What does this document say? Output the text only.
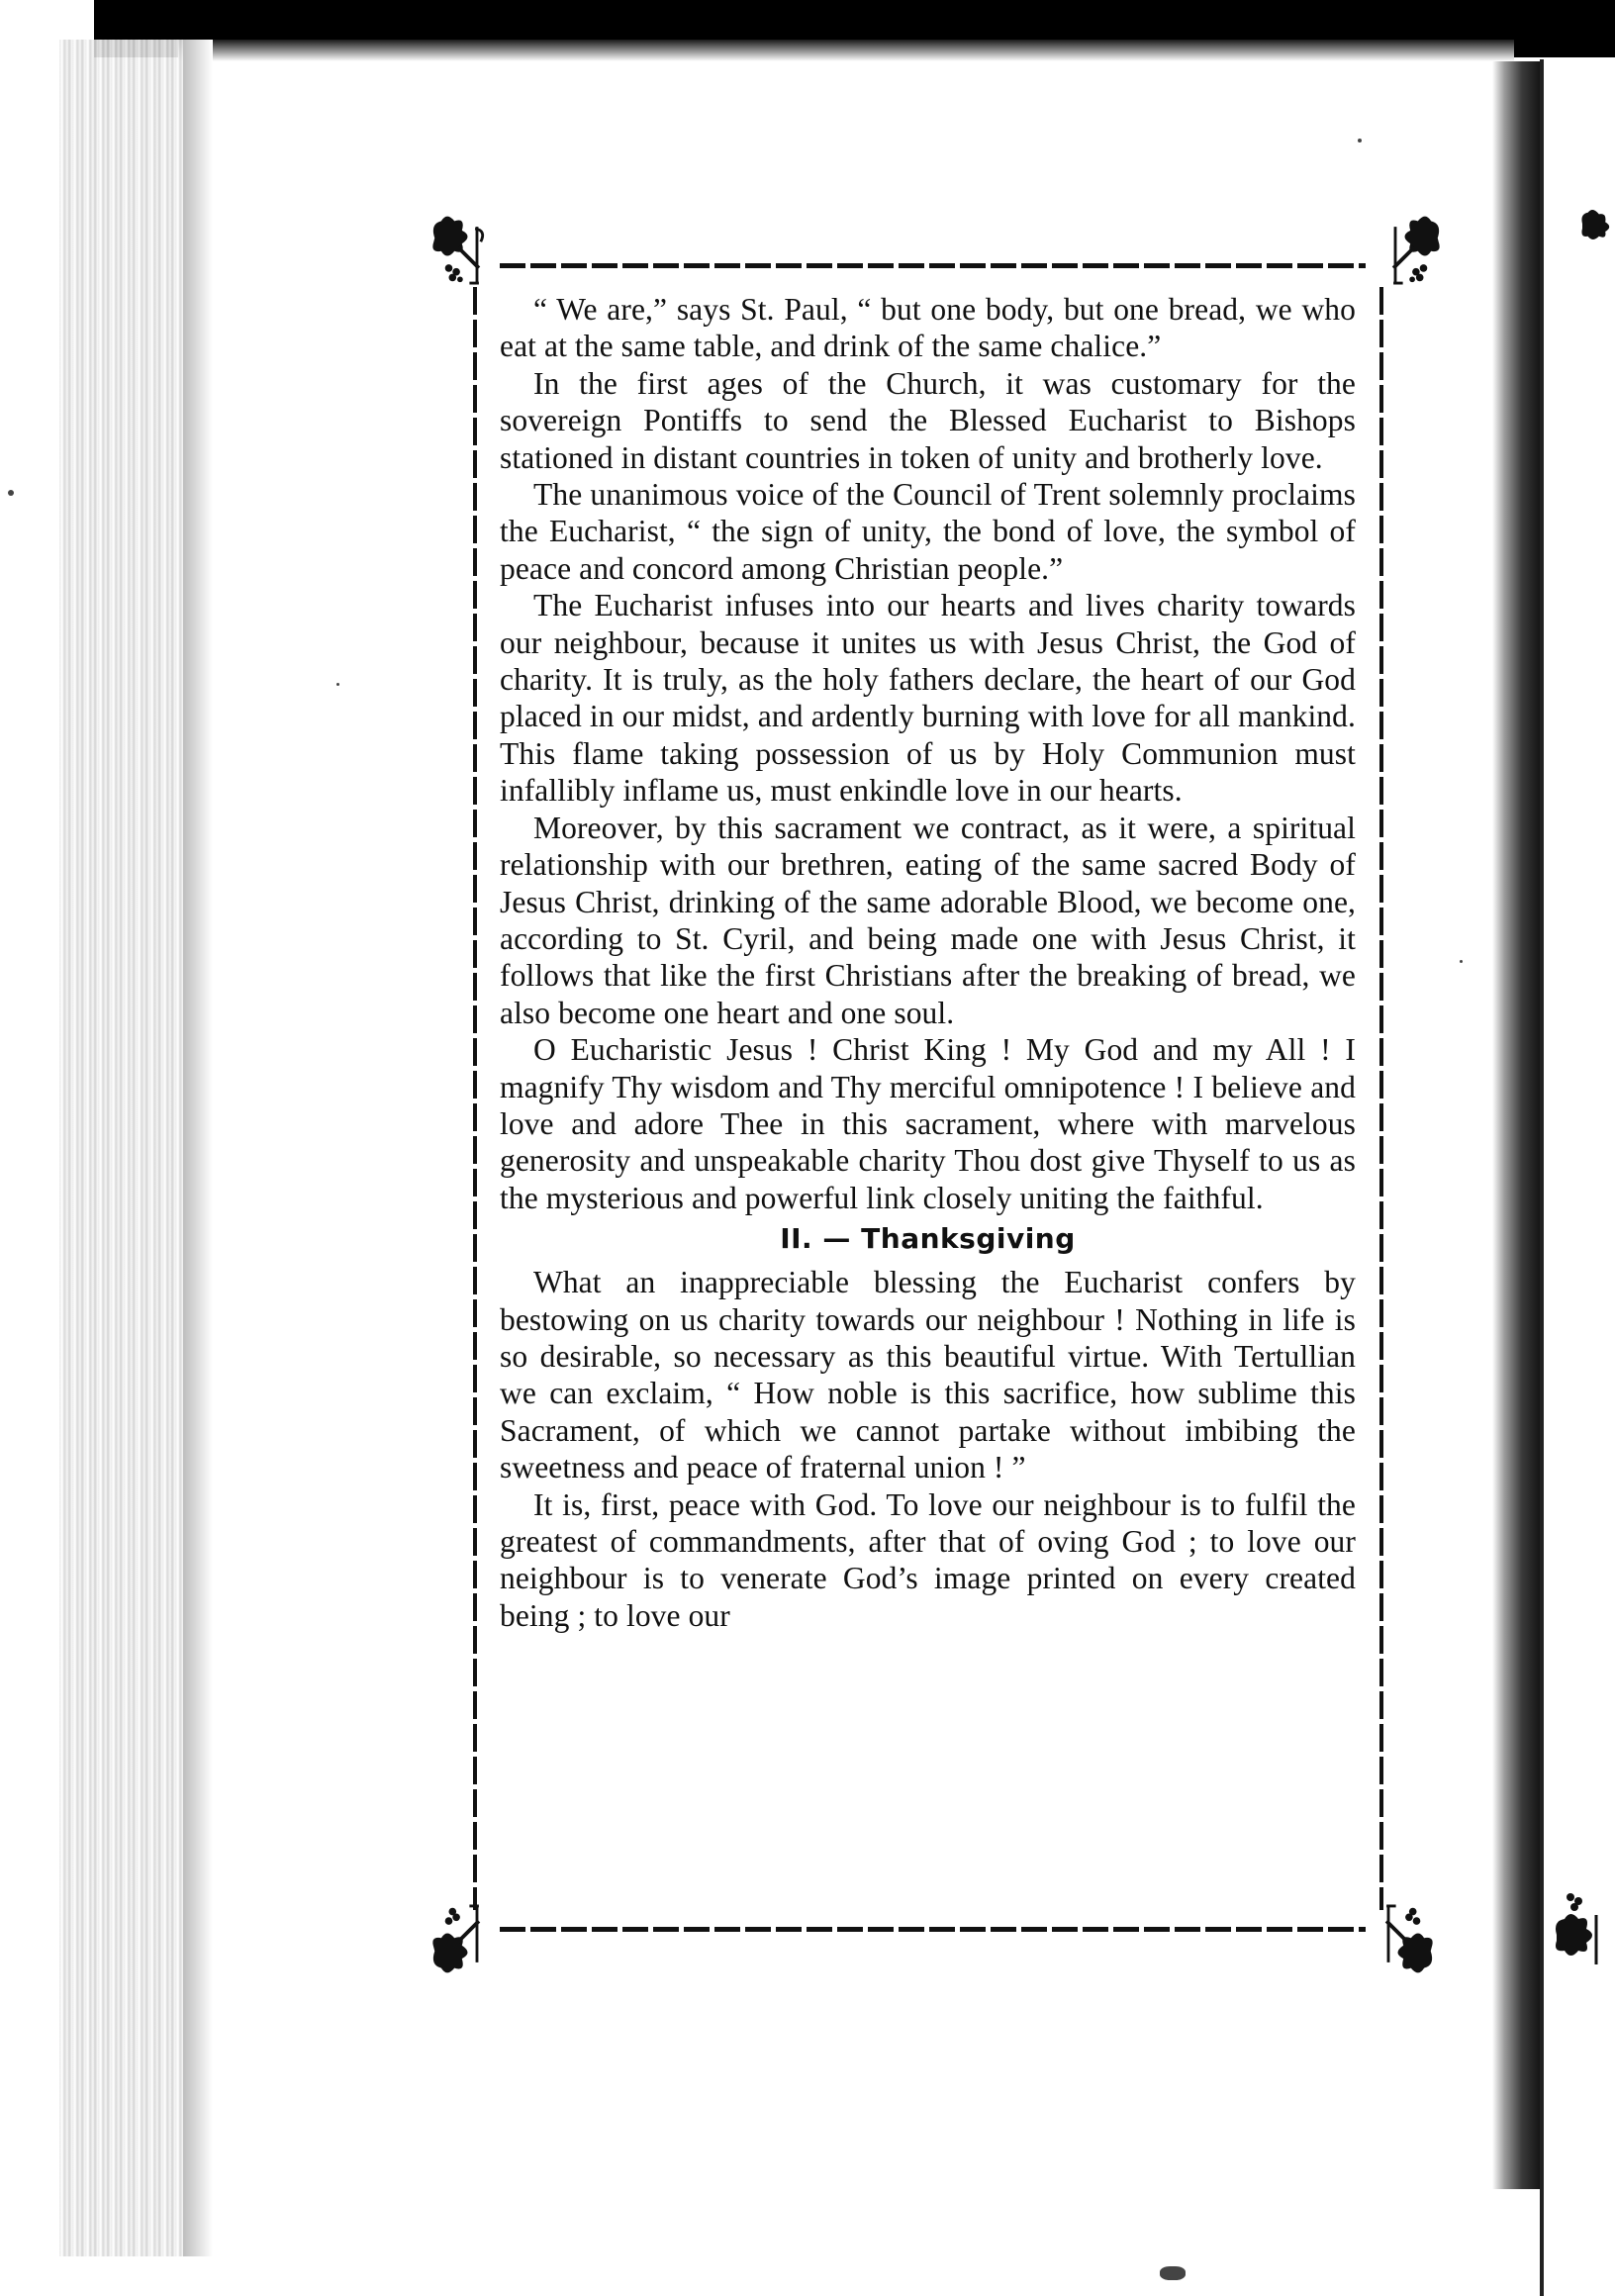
“ We are,” says St. Paul, “ but one body, but one bread, we who eat at the same table, and drink of the same chalice.”

In the first ages of the Church, it was customary for the sovereign Pontiffs to send the Blessed Eucharist to Bishops stationed in distant countries in token of unity and brotherly love.

The unanimous voice of the Council of Trent solemnly proclaims the Eucharist, “ the sign of unity, the bond of love, the symbol of peace and concord among Christian people.”

The Eucharist infuses into our hearts and lives charity towards our neighbour, because it unites us with Jesus Christ, the God of charity. It is truly, as the holy fathers declare, the heart of our God placed in our midst, and ardently burning with love for all mankind. This flame taking possession of us by Holy Communion must infallibly inflame us, must enkindle love in our hearts.

Moreover, by this sacrament we contract, as it were, a spiritual relationship with our brethren, eating of the same sacred Body of Jesus Christ, drinking of the same adorable Blood, we become one, according to St. Cyril, and being made one with Jesus Christ, it follows that like the first Christians after the breaking of bread, we also become one heart and one soul.

O Eucharistic Jesus ! Christ King ! My God and my All ! I magnify Thy wisdom and Thy merciful omnipotence ! I believe and love and adore Thee in this sacrament, where with marvelous generosity and unspeakable charity Thou dost give Thyself to us as the mysterious and powerful link closely uniting the faithful.

II. — Thanksgiving

What an inappreciable blessing the Eucharist confers by bestowing on us charity towards our neighbour ! Nothing in life is so desirable, so necessary as this beautiful virtue. With Tertullian we can exclaim, “ How noble is this sacrifice, how sublime this Sacrament, of which we cannot partake without imbibing the sweetness and peace of fraternal union ! ”

It is, first, peace with God. To love our neighbour is to fulfil the greatest of commandments, after that of oving God ; to love our neighbour is to venerate God’s image printed on every created being ; to love our
